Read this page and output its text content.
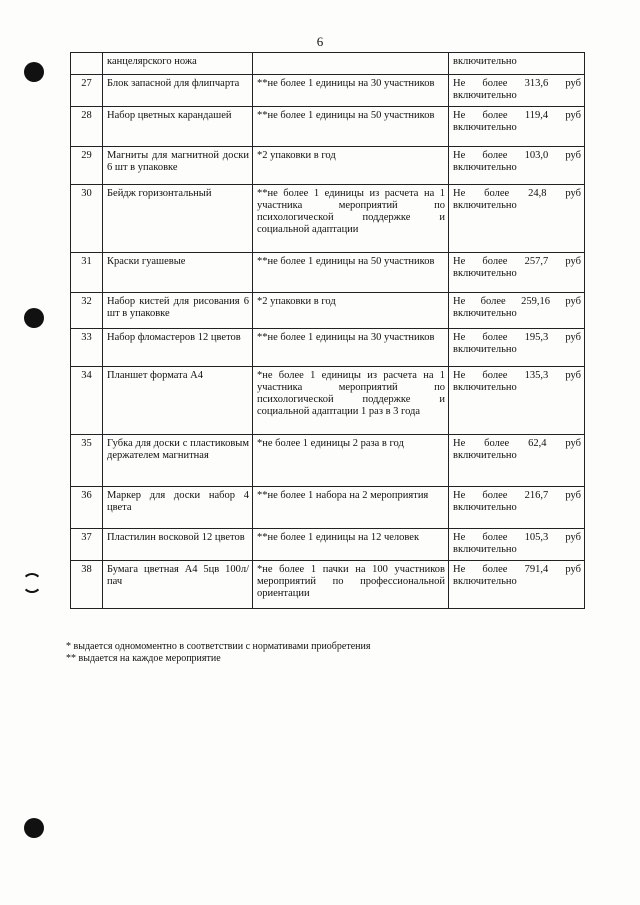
6
	канцелярского ножа		включительно
27	Блок запасной для флипчарта	**не более 1 единицы на 30 участников	Не более 313,6 руб включительно
28	Набор цветных карандашей	**не более 1 единицы на 50 участников	Не более 119,4 руб включительно
29	Магниты для магнитной доски 6 шт в упаковке	*2 упаковки в год	Не более 103,0 руб включительно
30	Бейдж горизонтальный	**не более 1 единицы из расчета на 1 участника мероприятий по психологической поддержке и социальной адаптации	Не более 24,8 руб включительно
31	Краски гуашевые	**не более 1 единицы на 50 участников	Не более 257,7 руб включительно
32	Набор кистей для рисования 6 шт в упаковке	*2 упаковки в год	Не более 259,16 руб включительно
33	Набор фломастеров 12 цветов	**не более 1 единицы на 30 участников	Не более 195,3 руб включительно
34	Планшет формата А4	*не более 1 единицы из расчета на 1 участника мероприятий по психологической поддержке и социальной адаптации 1 раз в 3 года	Не более 135,3 руб включительно
35	Губка для доски с пластиковым держателем магнитная	*не более 1 единицы 2 раза в год	Не более 62,4 руб включительно
36	Маркер для доски набор 4 цвета	**не более 1 набора на 2 мероприятия	Не более 216,7 руб включительно
37	Пластилин восковой 12 цветов	**не более 1 единицы на 12 человек	Не более 105,3 руб включительно
38	Бумага цветная А4 5цв 100л/пач	*не более 1 пачки на 100 участников мероприятий по профессиональной ориентации	Не более 791,4 руб включительно
* выдается одномоментно в соответствии с нормативами приобретения
** выдается на каждое мероприятие
